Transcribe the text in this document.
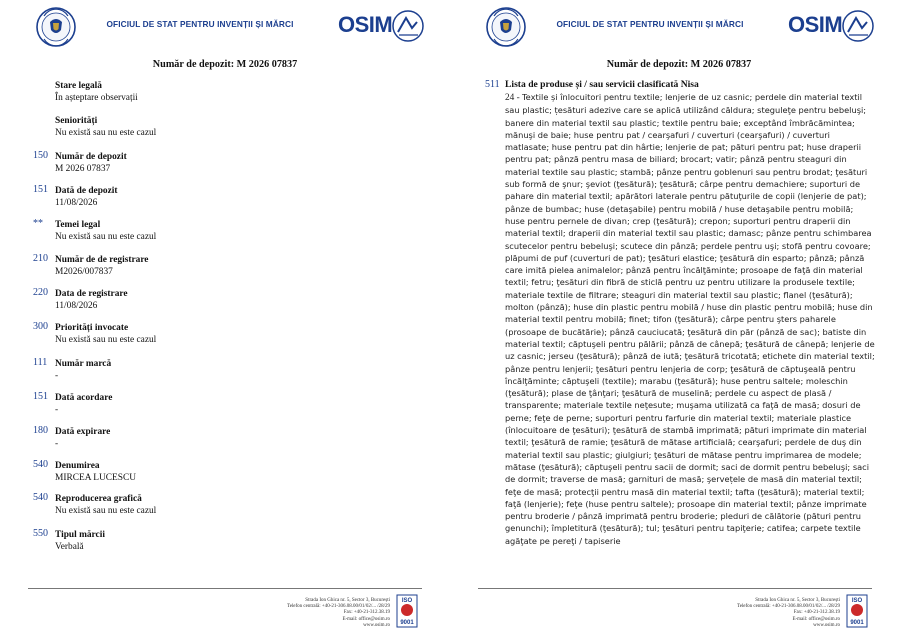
OFICIUL DE STAT PENTRU INVENȚII ȘI MĂRCI OSIM
Număr de depozit: M 2026 07837
Stare legală
În așteptare observații
Seniorități
Nu există sau nu este cazul
150 Număr de depozit
M 2026 07837
151 Dată de depozit
11/08/2026
** Temei legal
Nu există sau nu este cazul
210 Număr de de registrare
M2026/007837
220 Data de registrare
11/08/2026
300 Priorități invocate
Nu există sau nu este cazul
111 Număr marcă
-
151 Dată acordare
-
180 Dată expirare
-
540 Denumirea
MIRCEA LUCESCU
540 Reproducerea grafică
Nu există sau nu este cazul
550 Tipul mărcii
Verbală
Strada Ion Ghica nr. 5, Sector 3, București
Telefon centrală: +40-21-306.08.00/01/02/... /28/29
Fax: +40-21-312.38.19
E-mail: office@osim.ro
www.osim.ro
ISO
9001
OFICIUL DE STAT PENTRU INVENȚII ȘI MĂRCI OSIM
Număr de depozit: M 2026 07837
511 Lista de produse și / sau servicii clasificată Nisa
24 - Textile și înlocuitori pentru textile; lenjerie de uz casnic; perdele din material textil sau plastic; țesături adezive care se aplică utilizând căldura; steguleţe pentru bebeluşi; banere din material textil sau plastic; textile pentru baie; exceptând îmbrăcămintea; mănuşi de baie; huse pentru pat / cearşafuri / cuverturi (cearşafuri) / cuverturi matlasate; huse pentru pat din hârtie; lenjerie de pat; pături pentru pat; huse draperii pentru pat; pânză pentru masa de biliard; brocart; vatir; pânză pentru steaguri din material textile sau plastic; stambă; pânze pentru goblenuri sau pentru brodat; ţesături sub formă de şnur; şeviot (ţesătură); ţesătură; cârpe pentru demachiere; suporturi de pahare din material textil; apărători laterale pentru pătuţurile de copii (lenjerie de pat); pânze de bumbac; huse (detaşabile) pentru mobilă / huse detaşabile pentru mobilă; huse pentru pernele de divan; crep (ţesătură); crepon; suporturi pentru draperii din material textil; draperii din material textil sau plastic; damasc; pânze pentru schimbarea scutecelor pentru bebeluşi; scutece din pânză; perdele pentru uşi; stofă pentru covoare; plăpumi de puf (cuverturi de pat); ţesături elastice; ţesătură din esparto; pânză; pânză care imită pielea animalelor; pânză pentru încălţăminte; prosoape de faţă din material textil; fetru; ţesături din fibră de sticlă pentru uz pentru utilizare la produsele textile; materiale textile de filtrare; steaguri din material textil sau plastic; flanel (ţesătură); molton (pânză); huse din plastic pentru mobilă / huse din plastic pentru mobilă; huse din material textil pentru mobilă; finet; tifon (ţesătură); cârpe pentru şters paharele (prosoape de bucătărie); pânză cauciucată; ţesătură din păr (pânză de sac); batiste din material textil; căptuşeli pentru pălării; pânză de cânepă; ţesătură de cânepă; lenjerie de uz casnic; jerseu (ţesătură); pânză de iută; ţesătură tricotată; etichete din material textil; pânze pentru lenjerii; ţesături pentru lenjeria de corp; ţesătură de căptuşeală pentru încălţăminte; căptuşeli (textile); marabu (ţesătură); huse pentru saltele; moleschin (ţesătură); plase de ţânţari; ţesătură de muselină; perdele cu aspect de plasă / transparente; materiale textile neţesute; muşama utilizată ca faţă de masă; dosuri de perne; feţe de perne; suporturi pentru farfurie din material textil; materiale plastice (înlocuitoare de ţesături); ţesătură de stambă imprimată; pături imprimate din material textil; ţesătură de ramie; ţesătură de mătase artificială; cearşafuri; perdele de duş din material textil sau plastic; giulgiuri; ţesături de mătase pentru imprimarea de modele; mătase (ţesătură); căptuşeli pentru sacii de dormit; saci de dormit pentru bebeluşi; saci de dormit; traverse de masă; garnituri de masă; şervețele de masă din material textil; feţe de masă; protecţii pentru masă din material textil; tafta (ţesătură); material textil; faţă (lenjerie); feţe (huse pentru saltele); prosoape din material textil; pânze imprimate pentru broderie / pânză imprimată pentru broderie; pleduri de călătorie (pături pentru genunchi); împletitură (ţesătură); tul; ţesături pentru tapiţerie; catifea; carpete textile agăţate pe pereţi / tapiserie
Strada Ion Ghica nr. 5, Sector 3, București
Telefon centrală: +40-21-306.08.00/01/02/... /28/29
Fax: +40-21-312.38.19
E-mail: office@osim.ro
www.osim.ro
ISO
9001
